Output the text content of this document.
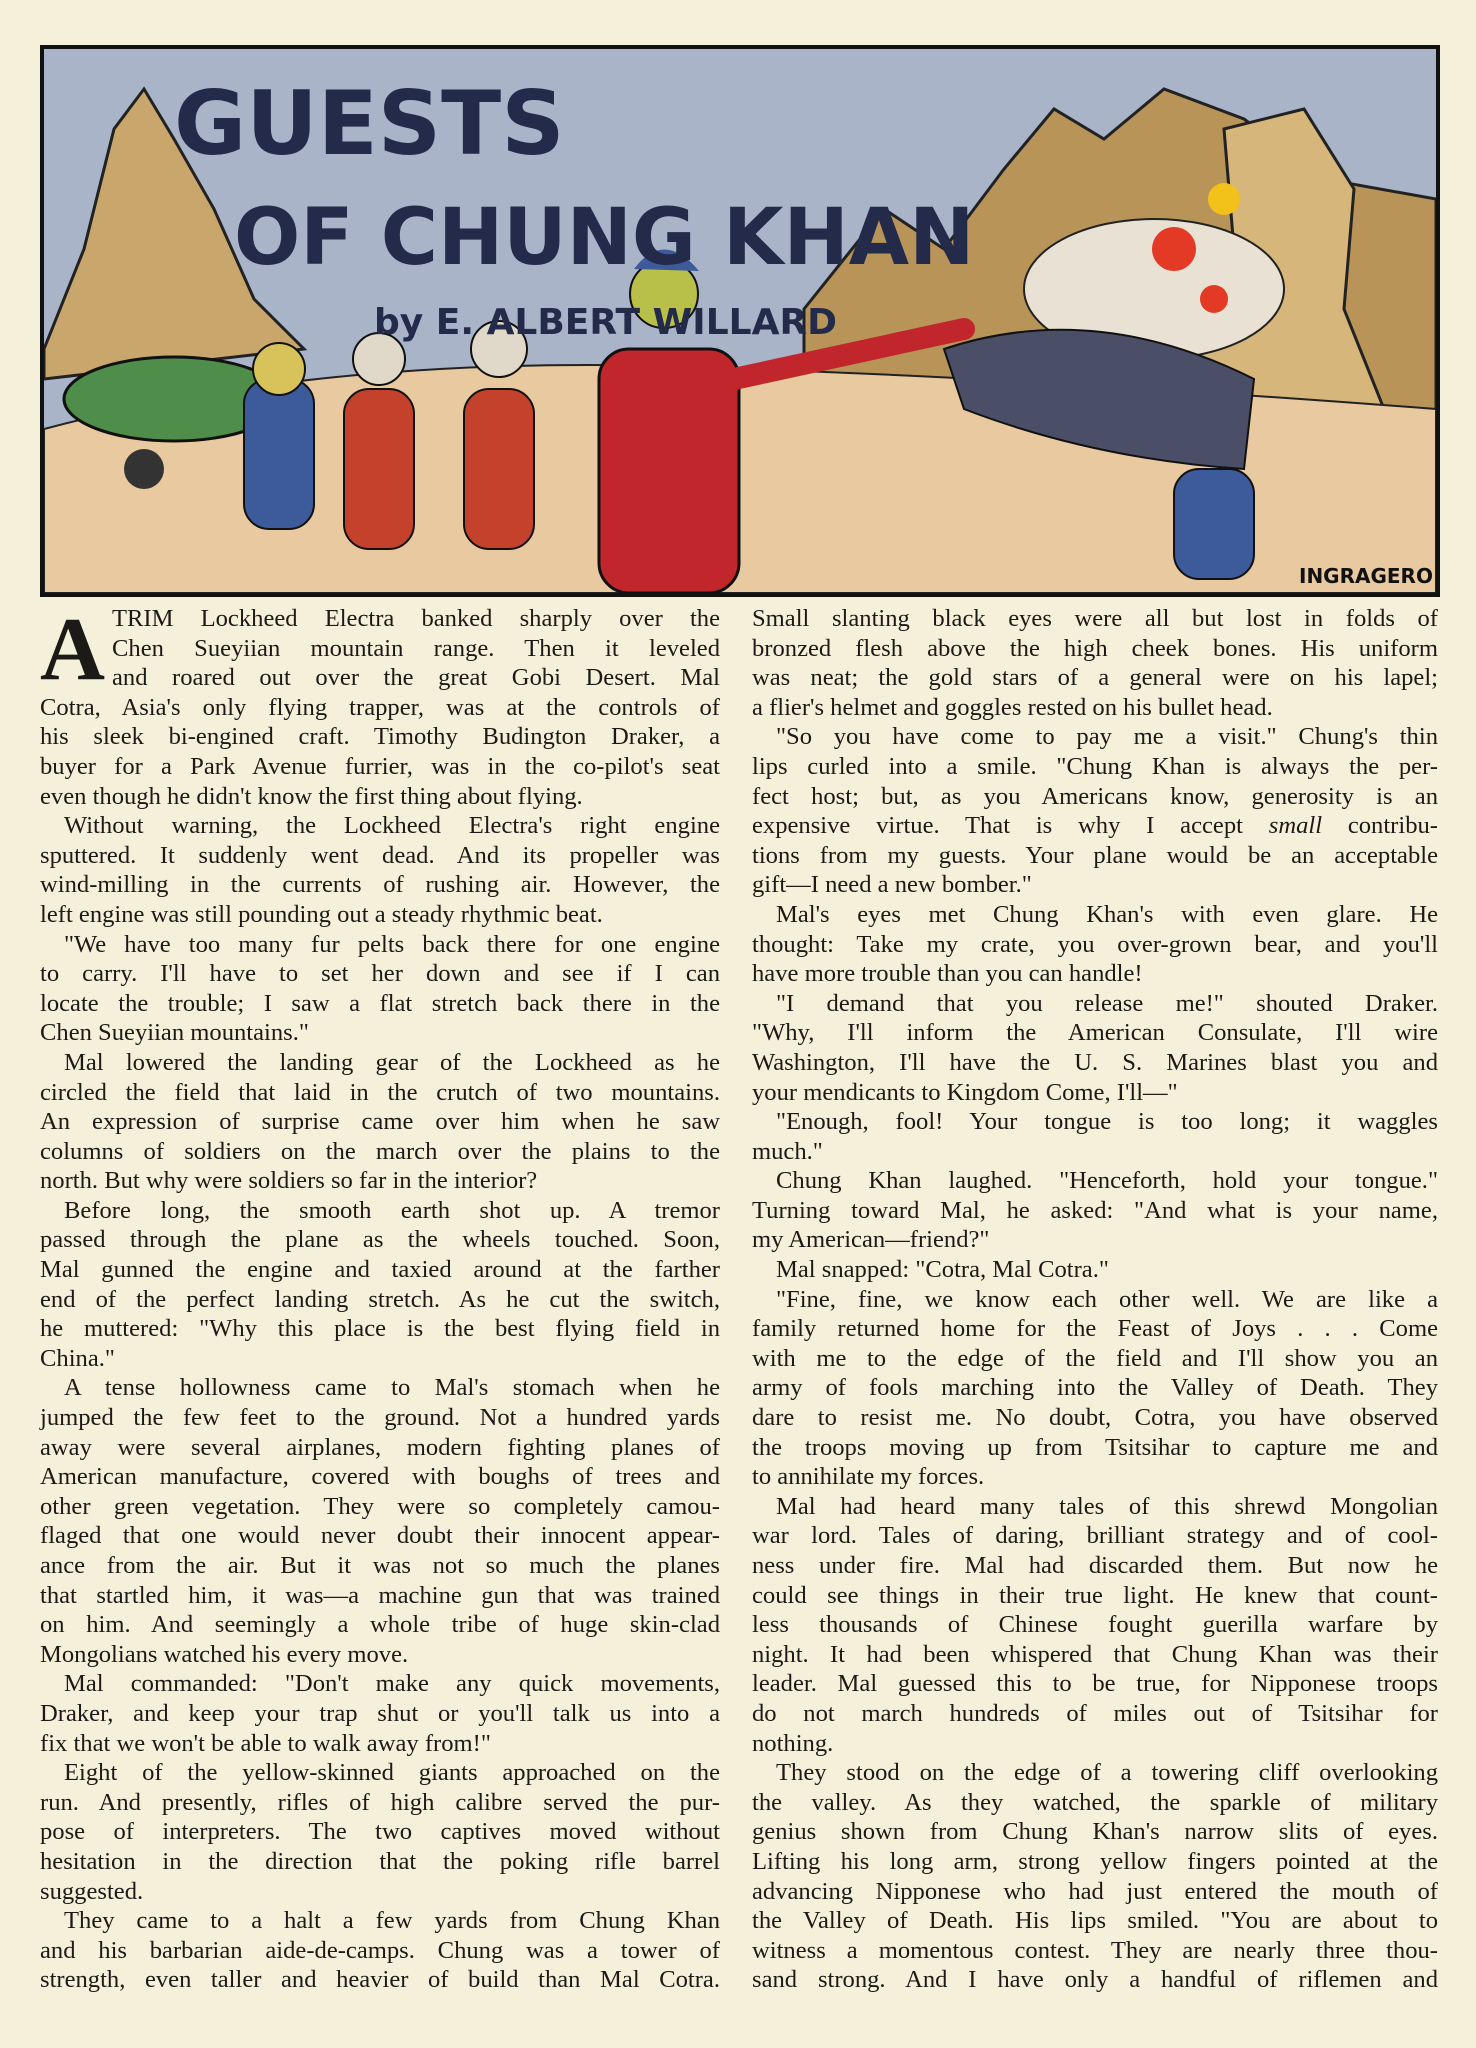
GUESTS
OF CHUNG KHAN
by E. ALBERT WILLARD
INGRAGERO
A TRIM Lockheed Electra banked sharply over the
Chen Sueyiian mountain range. Then it leveled
and roared out over the great Gobi Desert. Mal
Cotra, Asia's only flying trapper, was at the controls of
his sleek bi-engined craft. Timothy Budington Draker, a
buyer for a Park Avenue furrier, was in the co-pilot's seat
even though he didn't know the first thing about flying.
Without warning, the Lockheed Electra's right engine
sputtered. It suddenly went dead. And its propeller was
wind-milling in the currents of rushing air. However, the
left engine was still pounding out a steady rhythmic beat.
"We have too many fur pelts back there for one engine
to carry. I'll have to set her down and see if I can
locate the trouble; I saw a flat stretch back there in the
Chen Sueyiian mountains."
Mal lowered the landing gear of the Lockheed as he
circled the field that laid in the crutch of two mountains.
An expression of surprise came over him when he saw
columns of soldiers on the march over the plains to the
north. But why were soldiers so far in the interior?
Before long, the smooth earth shot up. A tremor
passed through the plane as the wheels touched. Soon,
Mal gunned the engine and taxied around at the farther
end of the perfect landing stretch. As he cut the switch,
he muttered: "Why this place is the best flying field in
China."
A tense hollowness came to Mal's stomach when he
jumped the few feet to the ground. Not a hundred yards
away were several airplanes, modern fighting planes of
American manufacture, covered with boughs of trees and
other green vegetation. They were so completely camou-
flaged that one would never doubt their innocent appear-
ance from the air. But it was not so much the planes
that startled him, it was—a machine gun that was trained
on him. And seemingly a whole tribe of huge skin-clad
Mongolians watched his every move.
Mal commanded: "Don't make any quick movements,
Draker, and keep your trap shut or you'll talk us into a
fix that we won't be able to walk away from!"
Eight of the yellow-skinned giants approached on the
run. And presently, rifles of high calibre served the pur-
pose of interpreters. The two captives moved without
hesitation in the direction that the poking rifle barrel
suggested.
They came to a halt a few yards from Chung Khan
and his barbarian aide-de-camps. Chung was a tower of
strength, even taller and heavier of build than Mal Cotra.
Small slanting black eyes were all but lost in folds of
bronzed flesh above the high cheek bones. His uniform
was neat; the gold stars of a general were on his lapel;
a flier's helmet and goggles rested on his bullet head.
"So you have come to pay me a visit." Chung's thin
lips curled into a smile. "Chung Khan is always the per-
fect host; but, as you Americans know, generosity is an
expensive virtue. That is why I accept small contribu-
tions from my guests. Your plane would be an acceptable
gift—I need a new bomber."
Mal's eyes met Chung Khan's with even glare. He
thought: Take my crate, you over-grown bear, and you'll
have more trouble than you can handle!
"I demand that you release me!" shouted Draker.
"Why, I'll inform the American Consulate, I'll wire
Washington, I'll have the U. S. Marines blast you and
your mendicants to Kingdom Come, I'll—"
"Enough, fool! Your tongue is too long; it waggles
much."
Chung Khan laughed. "Henceforth, hold your tongue."
Turning toward Mal, he asked: "And what is your name,
my American—friend?"
Mal snapped: "Cotra, Mal Cotra."
"Fine, fine, we know each other well. We are like a
family returned home for the Feast of Joys . . . Come
with me to the edge of the field and I'll show you an
army of fools marching into the Valley of Death. They
dare to resist me. No doubt, Cotra, you have observed
the troops moving up from Tsitsihar to capture me and
to annihilate my forces.
Mal had heard many tales of this shrewd Mongolian
war lord. Tales of daring, brilliant strategy and of cool-
ness under fire. Mal had discarded them. But now he
could see things in their true light. He knew that count-
less thousands of Chinese fought guerilla warfare by
night. It had been whispered that Chung Khan was their
leader. Mal guessed this to be true, for Nipponese troops
do not march hundreds of miles out of Tsitsihar for
nothing.
They stood on the edge of a towering cliff overlooking
the valley. As they watched, the sparkle of military
genius shown from Chung Khan's narrow slits of eyes.
Lifting his long arm, strong yellow fingers pointed at the
advancing Nipponese who had just entered the mouth of
the Valley of Death. His lips smiled. "You are about to
witness a momentous contest. They are nearly three thou-
sand strong. And I have only a handful of riflemen and
